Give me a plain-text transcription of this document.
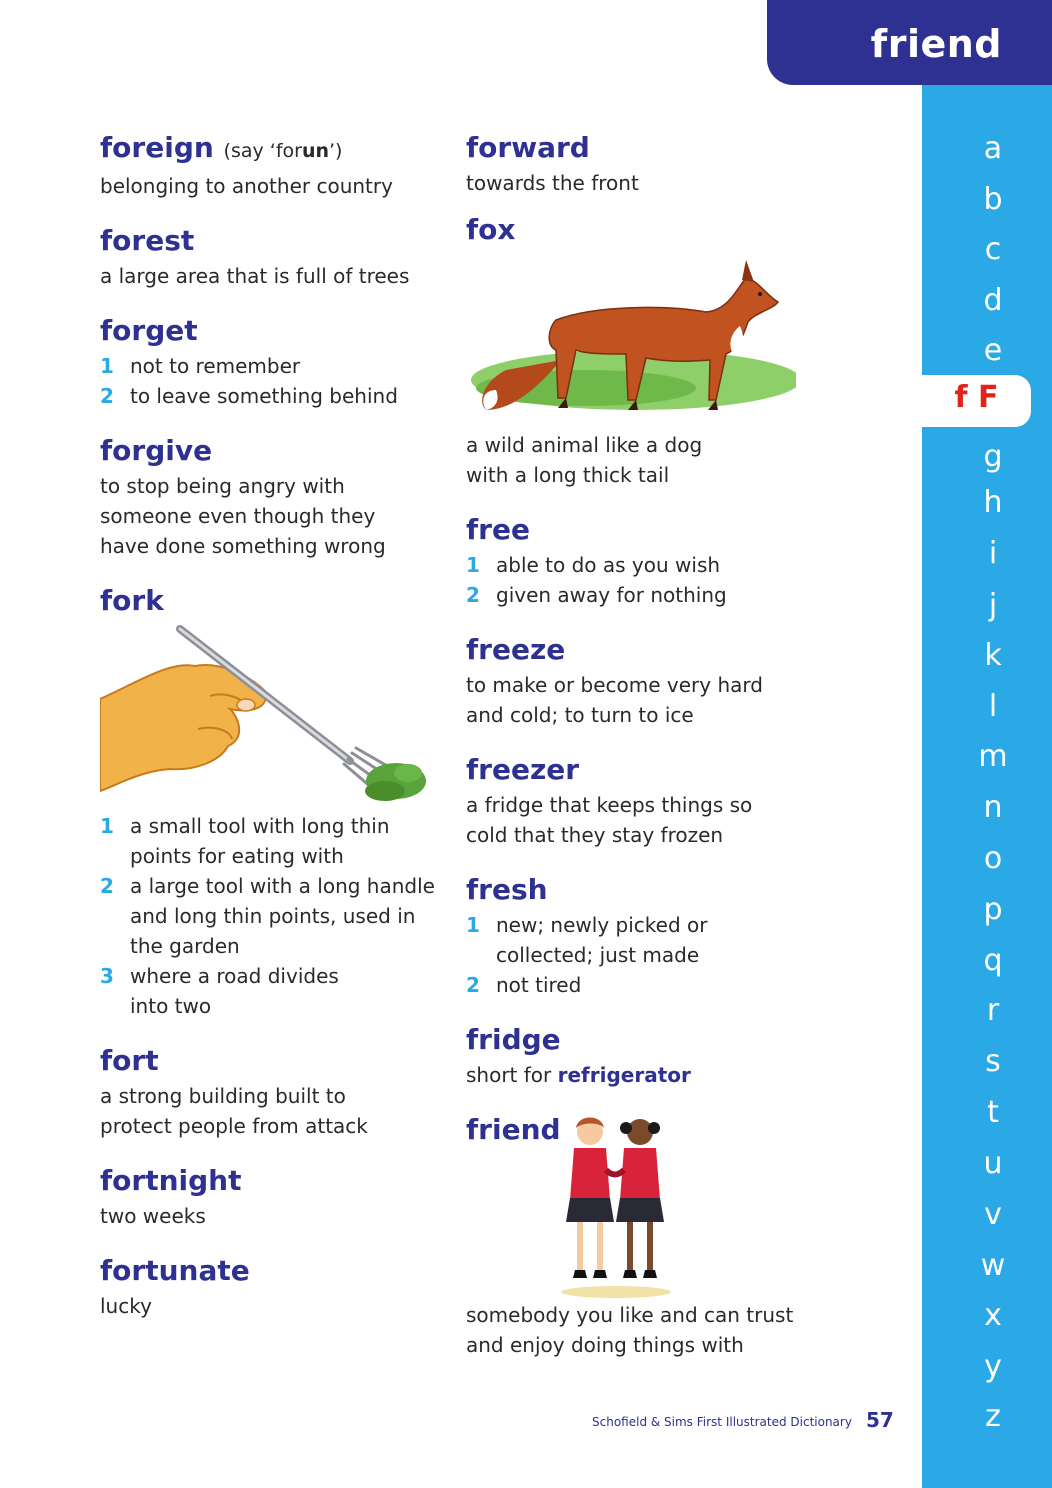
friend
a
b
c
d
e
g
h
i
j
k
l
m
n
o
p
q
r
s
t
u
v
w
x
y
z
f F
foreign (say ‘forun’)
belonging to another country
forest
a large area that is full of trees
forget
1 not to remember
2 to leave something behind
forgive
to stop being angry with someone even though they have done something wrong
fork
1 a small tool with long thin points for eating with
2 a large tool with a long handle and long thin points, used in the garden
3 where a road divides into two
fort
a strong building built to protect people from attack
fortnight
two weeks
fortunate
lucky
forward
towards the front
fox
a wild animal like a dog with a long thick tail
free
1 able to do as you wish
2 given away for nothing
freeze
to make or become very hard and cold; to turn to ice
freezer
a fridge that keeps things so cold that they stay frozen
fresh
1 new; newly picked or collected; just made
2 not tired
fridge
short for refrigerator
friend
somebody you like and can trust and enjoy doing things with
Schofield & Sims First Illustrated Dictionary 57
